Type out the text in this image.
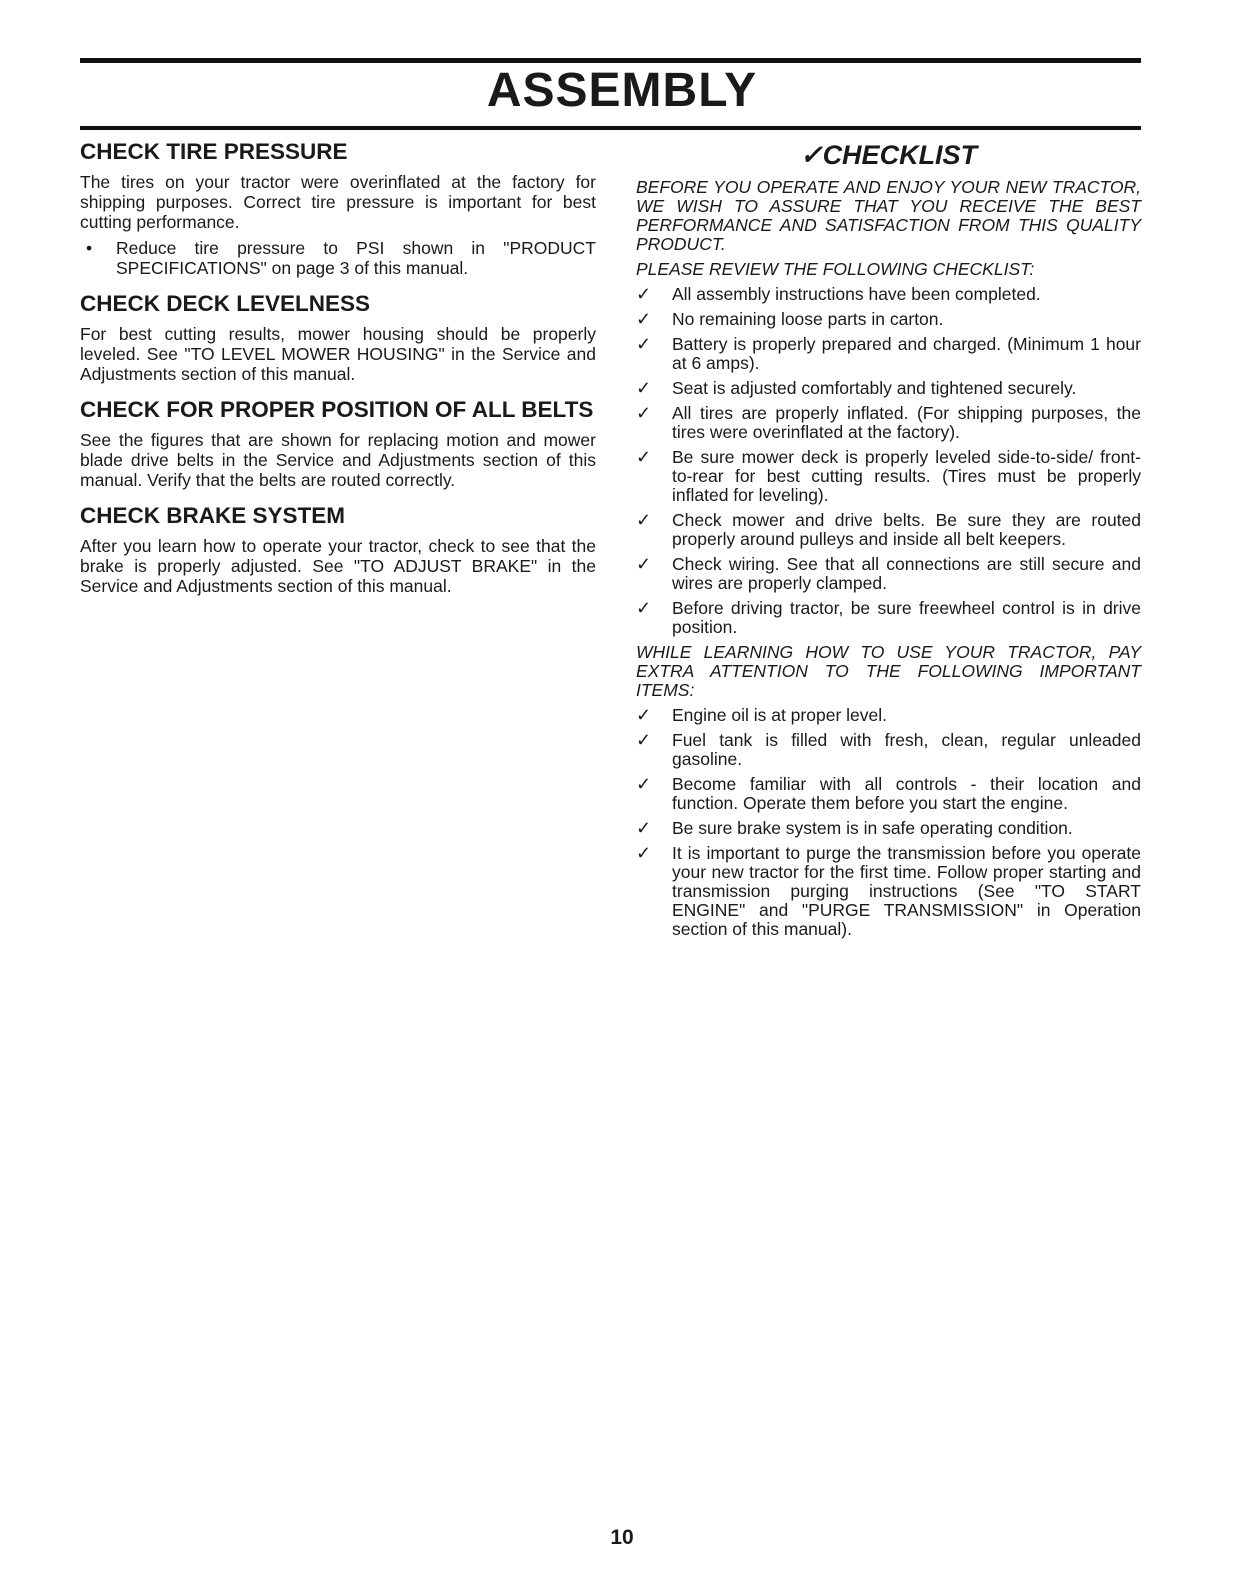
ASSEMBLY
CHECK TIRE PRESSURE

The tires on your tractor were overinflated at the factory for shipping purposes. Correct tire pressure is important for best cutting performance.

•	Reduce tire pressure to PSI shown in "PRODUCT SPECIFICATIONS" on page 3 of this manual.
CHECK DECK LEVELNESS

For best cutting results, mower housing should be properly leveled. See "TO LEVEL MOWER HOUSING" in the Service and Adjustments section of this manual.

CHECK FOR PROPER POSITION OF ALL BELTS

See the figures that are shown for replacing motion and mower blade drive belts in the Service and Adjustments section of this manual. Verify that the belts are routed correctly.

CHECK BRAKE SYSTEM

After you learn how to operate your tractor, check to see that the brake is properly adjusted. See "TO ADJUST BRAKE" in the Service and Adjustments section of this manual.

✓CHECKLIST

BEFORE YOU OPERATE AND ENJOY YOUR NEW TRACTOR, WE WISH TO ASSURE THAT YOU RECEIVE THE BEST PERFORMANCE AND SATISFACTION FROM THIS QUALITY PRODUCT.

PLEASE REVIEW THE FOLLOWING CHECKLIST:

✓	All assembly instructions have been completed.
✓	No remaining loose parts in carton.
✓	Battery is properly prepared and charged. (Minimum 1 hour at 6 amps).
✓	Seat is adjusted comfortably and tightened securely.
✓	All tires are properly inflated. (For shipping purposes, the tires were overinflated at the factory).
✓	Be sure mower deck is properly leveled side-to-side/ front-to-rear for best cutting results. (Tires must be properly inflated for leveling).
✓	Check mower and drive belts. Be sure they are routed properly around pulleys and inside all belt keepers.
✓	Check wiring. See that all connections are still secure and wires are properly clamped.
✓	Before driving tractor, be sure freewheel control is in drive position.

WHILE LEARNING HOW TO USE YOUR TRACTOR, PAY EXTRA ATTENTION TO THE FOLLOWING IMPORTANT ITEMS:

✓	Engine oil is at proper level.
✓	Fuel tank is filled with fresh, clean, regular unleaded gasoline.
✓	Become familiar with all controls - their location and function. Operate them before you start the engine.
✓	Be sure brake system is in safe operating condition.
✓	It is important to purge the transmission before you operate your new tractor for the first time. Follow proper starting and transmission purging instructions (See "TO START ENGINE" and "PURGE TRANSMISSION" in Operation section of this manual).
10
